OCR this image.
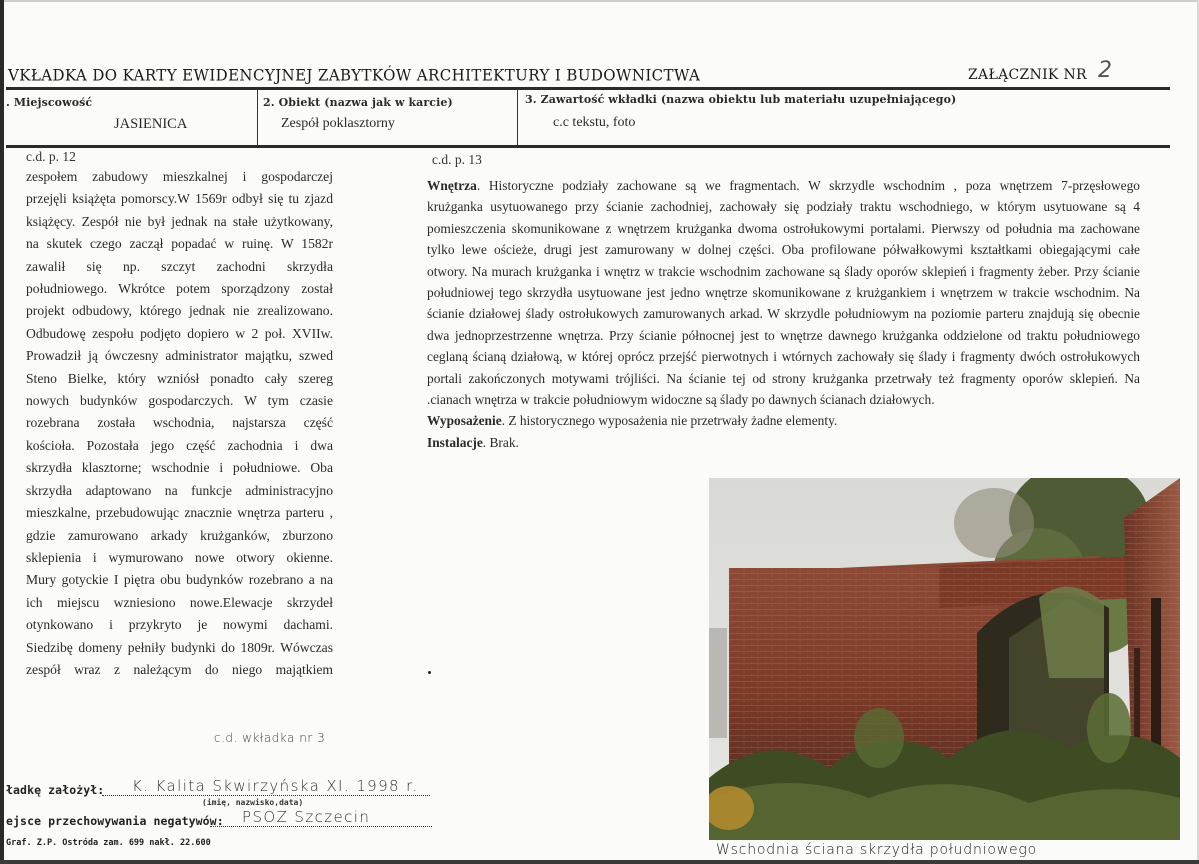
VKŁADKA DO KARTY EWIDENCYJNEJ ZABYTKÓW ARCHITEKTURY I BUDOWNICTWA	ZAŁĄCZNIK NR 2
. Miejscowość
JASIENICA
2. Obiekt (nazwa jak w karcie)
Zespół poklasztorny
3. Zawartość wkładki (nazwa obiektu lub materiału uzupełniającego)
c.c tekstu, foto
c.d. p. 12
zespołem zabudowy mieszkalnej i gospodarczej
przejęli książęta pomorscy.W 1569r odbył się tu zjazd
książęcy. Zespół nie był jednak na stałe użytkowany,
na skutek czego zaczął popadać w ruinę. W 1582r
zawalił się np. szczyt zachodni skrzydła
południowego. Wkrótce potem sporządzony został
projekt odbudowy, którego jednak nie zrealizowano.
Odbudowę zespołu podjęto dopiero w 2 poł. XVIIw.
Prowadził ją ówczesny administrator majątku, szwed
Steno Bielke, który wzniósł ponadto cały szereg
nowych budynków gospodarczych. W tym czasie
rozebrana została wschodnia, najstarsza część
kościoła. Pozostała jego część zachodnia i dwa
skrzydła klasztorne; wschodnie i południowe. Oba
skrzydła adaptowano na funkcje administracyjno
mieszkalne, przebudowując znacznie wnętrza parteru ,
gdzie zamurowano arkady krużganków, zburzono
sklepienia i wymurowano nowe otwory okienne.
Mury gotyckie I piętra obu budynków rozebrano a na
ich miejscu wzniesiono nowe.Elewacje skrzydeł
otynkowano i przykryto je nowymi dachami.
Siedzibę domeny pełniły budynki do 1809r. Wówczas
zespół wraz z należącym do niego majątkiem
c.d. wkładka nr 3
c.d. p. 13
Wnętrza. Historyczne podziały zachowane są we fragmentach. W skrzydle wschodnim , poza wnętrzem 7-przęsłowego
krużganka usytuowanego przy ścianie zachodniej, zachowały się podziały traktu wschodniego, w którym usytuowane są 4
pomieszczenia skomunikowane z wnętrzem krużganka dwoma ostrołukowymi portalami. Pierwszy od południa ma zachowane
tylko lewe ościeże, drugi jest zamurowany w dolnej części. Oba profilowane półwałkowymi kształtkami obiegającymi całe
otwory. Na murach krużganka i wnętrz w trakcie wschodnim zachowane są ślady oporów sklepień i fragmenty żeber. Przy ścianie
południowej tego skrzydła usytuowane jest jedno wnętrze skomunikowane z krużgankiem i wnętrzem w trakcie wschodnim. Na
ścianie działowej ślady ostrołukowych zamurowanych arkad. W skrzydle południowym na poziomie parteru znajdują się obecnie
dwa jednoprzestrzenne wnętrza. Przy ścianie północnej jest to wnętrze dawnego krużganka oddzielone od traktu południowego
ceglaną ścianą działową, w której oprócz przejść pierwotnych i wtórnych zachowały się ślady i fragmenty dwóch ostrołukowych
portali zakończonych motywami trójliści. Na ścianie tej od strony krużganka przetrwały też fragmenty oporów sklepień. Na
.cianach wnętrza w trakcie południowym widoczne są ślady po dawnych ścianach działowych.
Wyposażenie. Z historycznego wyposażenia nie przetrwały żadne elementy.
Instalacje. Brak.
Wschodnia ściana skrzydła południowego
ładkę założył: K. Kalita Skwirzyńska XI. 1998 r.
(imię, nazwisko,data)
ejsce przechowywania negatywów: PSOZ Szczecin
Graf. Z.P. Ostróda zam. 699 nakł. 22.600
